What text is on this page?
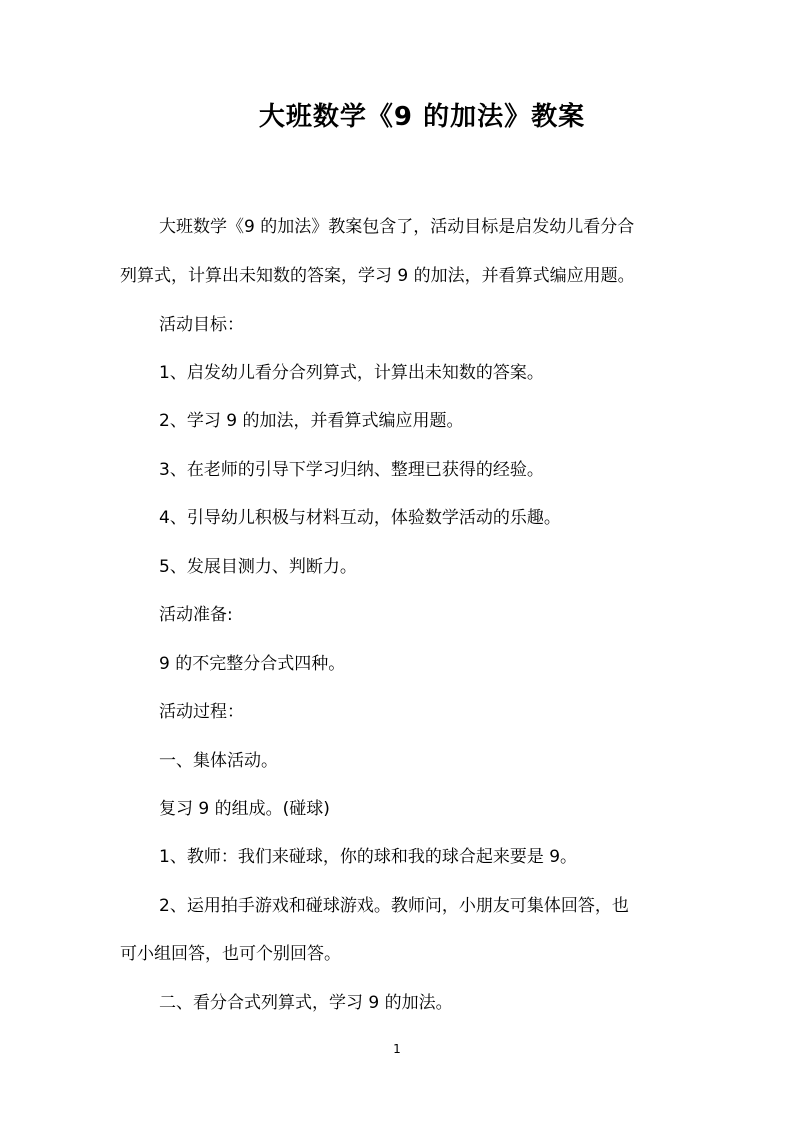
大班数学《9 的加法》教案
大班数学《9 的加法》教案包含了，活动目标是启发幼儿看分合
列算式，计算出未知数的答案，学习 9 的加法，并看算式编应用题。
活动目标：
1、启发幼儿看分合列算式，计算出未知数的答案。
2、学习 9 的加法，并看算式编应用题。
3、在老师的引导下学习归纳、整理已获得的经验。
4、引导幼儿积极与材料互动，体验数学活动的乐趣。
5、发展目测力、判断力。
活动准备:
9 的不完整分合式四种。
活动过程：
一、集体活动。
复习 9 的组成。(碰球)
1、教师：我们来碰球，你的球和我的球合起来要是 9。
2、运用拍手游戏和碰球游戏。教师问，小朋友可集体回答，也
可小组回答，也可个别回答。
二、看分合式列算式，学习 9 的加法。
1
